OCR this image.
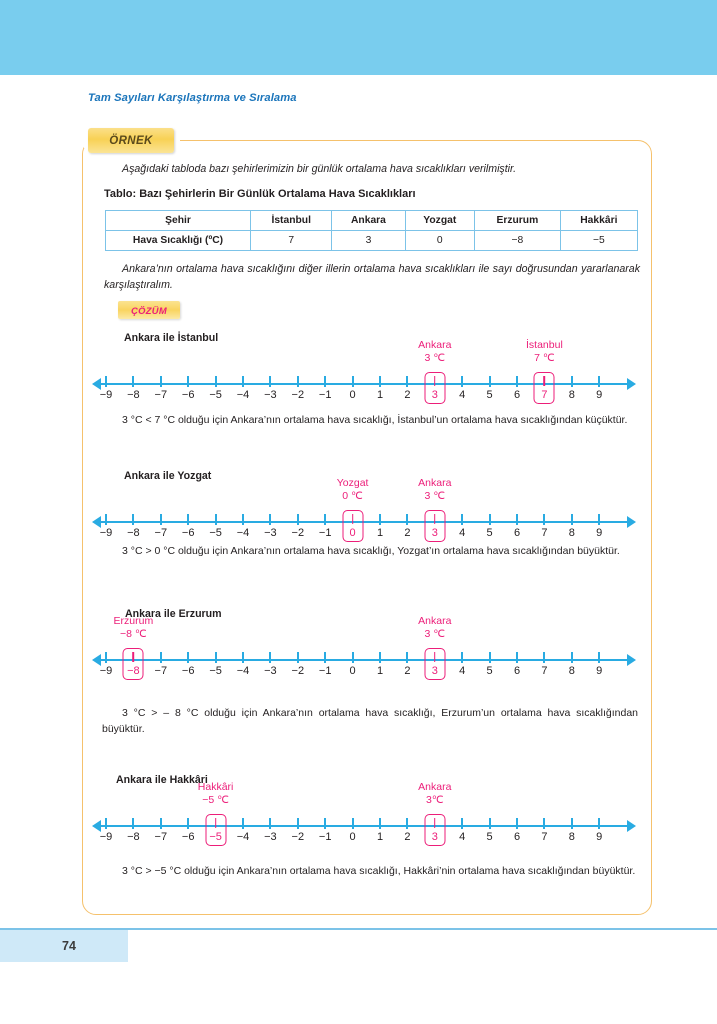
Tam Sayıları Karşılaştırma ve Sıralama
ÖRNEK
Aşağıdaki tabloda bazı şehirlerimizin bir günlük ortalama hava sıcaklıkları verilmiştir.
Tablo: Bazı Şehirlerin Bir Günlük Ortalama Hava Sıcaklıkları
Şehir	İstanbul	Ankara	Yozgat	Erzurum	Hakkâri
Hava Sıcaklığı (ºC)	7	3	0	−8	−5
Ankara’nın ortalama hava sıcaklığını diğer illerin ortalama hava sıcaklıkları ile sayı doğrusundan yararlanarak karşılaştıralım.
ÇÖZÜM
Ankara ile İstanbul
−9 −8 −7 −6 −5 −4 −3 −2 −1 0 1 2 3 4 5 6 7 8 9
Ankara
3 ℃
İstanbul
7 ℃
3 °C < 7 °C olduğu için Ankara’nın ortalama hava sıcaklığı, İstanbul’un ortalama hava sıcaklığından küçüktür.
Ankara ile Yozgat
−9 −8 −7 −6 −5 −4 −3 −2 −1 0 1 2 3 4 5 6 7 8 9
Yozgat
0 ℃
Ankara
3 ℃
3 °C > 0 °C olduğu için Ankara’nın ortalama hava sıcaklığı, Yozgat’ın ortalama hava sıcaklığından büyüktür.
Ankara ile Erzurum
−9 −8 −7 −6 −5 −4 −3 −2 −1 0 1 2 3 4 5 6 7 8 9
Erzurum
−8 ℃
Ankara
3 ℃
3 °C > – 8 °C olduğu için Ankara’nın ortalama hava sıcaklığı, Erzurum’un ortalama hava sıcaklığından büyüktür.
Ankara ile Hakkâri
−9 −8 −7 −6 −5 −4 −3 −2 −1 0 1 2 3 4 5 6 7 8 9
Hakkâri
−5 ℃
Ankara
3℃
3 °C > −5 °C olduğu için Ankara’nın ortalama hava sıcaklığı, Hakkâri’nin ortalama hava sıcaklığından büyüktür.
74
